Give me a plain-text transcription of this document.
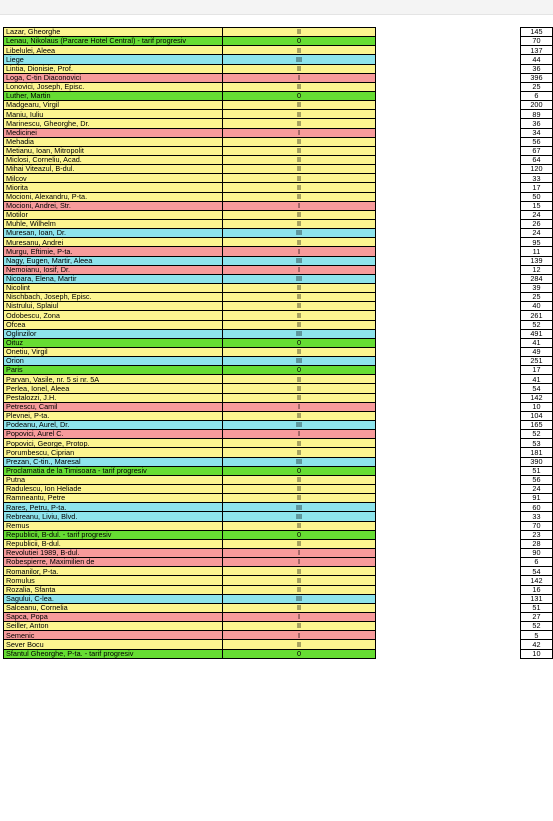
Lazar, Gheorghe	II		145
Lenau, Nikolaus (Parcare Hotel Central) - tarif progresiv	0		70
Libelulei, Aleea	II		137
Liege	III		44
Lintia, Dionisie, Prof.	II		36
Loga, C-tin Diaconovici	I		396
Lonovici, Joseph, Episc.	II		25
Luther, Martin	0		6
Madgearu, Virgil	II		200
Maniu, Iuliu	II		89
Marinescu, Gheorghe, Dr.	II		36
Medicinei	I		34
Mehadia	II		56
Metianu, Ioan, Mitropolit	II		67
Miclosi, Corneliu, Acad.	II		64
Mihai Viteazul, B-dul.	II		120
Milcov	II		33
Miorita	II		17
Mocioni, Alexandru, P-ta.	II		50
Mocioni, Andrei, Str.	I		15
Motilor	II		24
Muhle, Wilhelm	II		26
Muresan, Ioan, Dr.	III		24
Muresanu, Andrei	II		95
Murgu, Eftimie, P-ta.	I		11
Nagy, Eugen, Martir, Aleea	III		139
Nemoianu, Iosif, Dr.	I		12
Nicoara, Elena, Martir	III		284
Nicolint	II		39
Nischbach, Joseph, Episc.	II		25
Nistrului, Splaiul	II		40
Odobescu, Zona	II		261
Ofcea	II		52
Oglinzilor	III		491
Oituz	0		41
Onetiu, Virgil	II		49
Orion	III		251
Paris	0		17
Parvan, Vasile, nr. 5 si nr. 5A	II		41
Perlea, Ionel, Aleea	II		54
Pestalozzi, J.H.	II		142
Petrescu, Camil	I		10
Plevnei, P-ta.	II		104
Podeanu, Aurel, Dr.	III		165
Popovici, Aurel C.	I		52
Popovici, George, Protop.	II		53
Porumbescu, Ciprian	II		181
Prezan, C-tin., Maresal	III		390
Proclamatia de la Timisoara - tarif progresiv	0		51
Putna	II		56
Radulescu, Ion Heliade	II		24
Ramneantu, Petre	II		91
Rares, Petru, P-ta.	III		60
Rebreanu, Liviu, Blvd.	III		33
Remus	II		70
Republicii, B-dul. - tarif progresiv	0		23
Republicii, B-dul.	II		28
Revolutiei 1989, B-dul.	I		90
Robespierre, Maximilien de	I		6
Romanilor, P-ta.	II		54
Romulus	II		142
Rozalia, Sfanta	II		16
Sagului, C-lea.	III		131
Salceanu, Cornelia	II		51
Sapca, Popa	I		27
Seiller, Anton	II		52
Semenic	I		5
Sever Bocu	II		42
Sfantul Gheorghe, P-ta. - tarif progresiv	0		10
